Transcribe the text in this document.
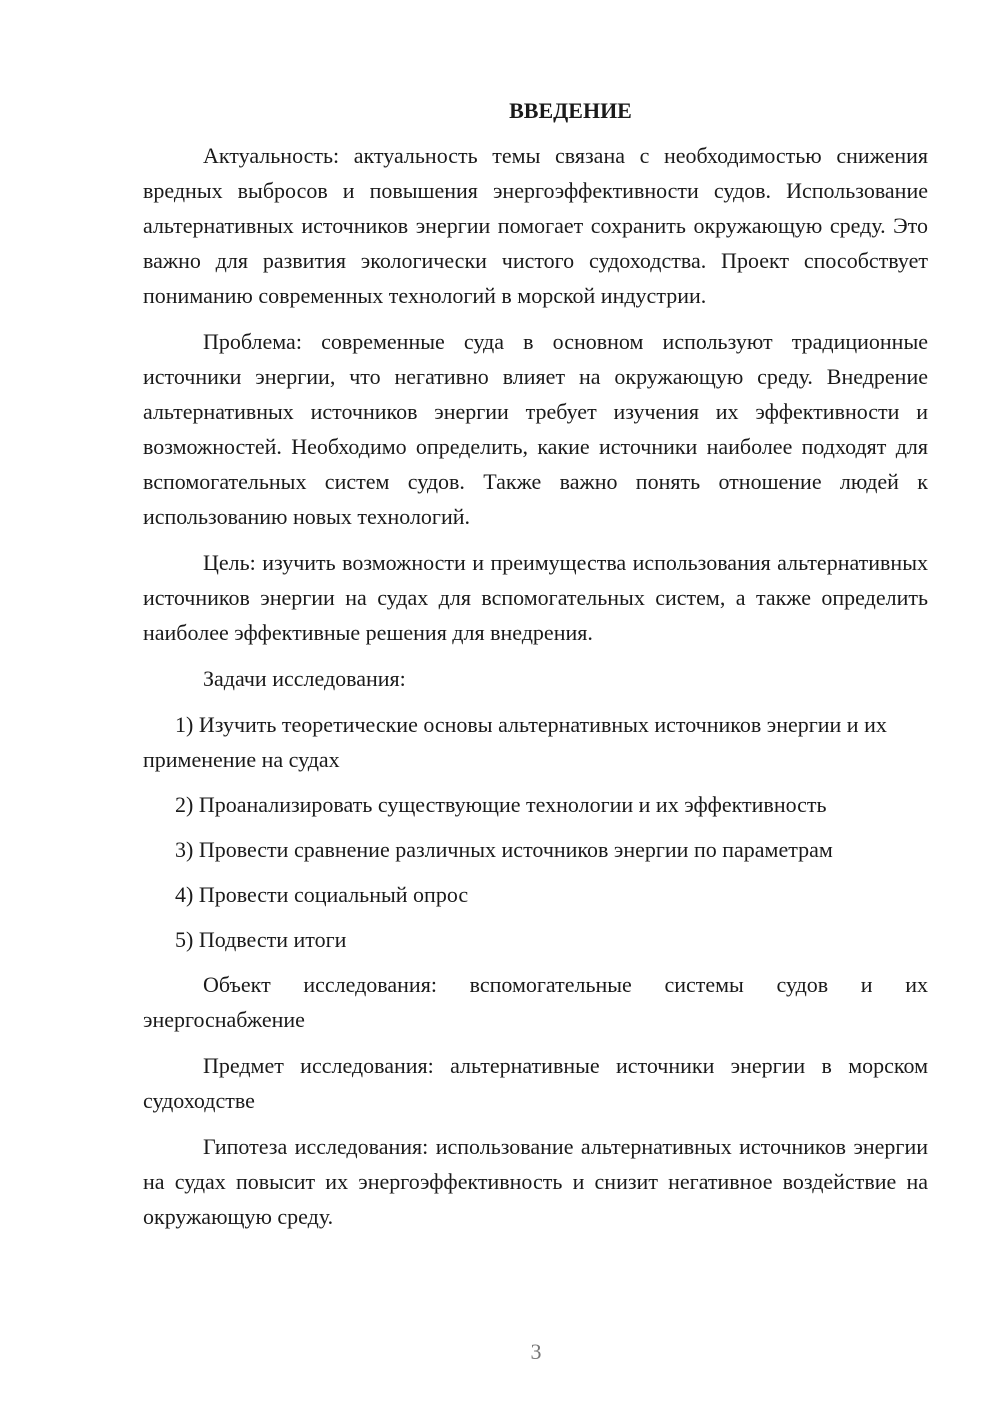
ВВЕДЕНИЕ

Актуальность: актуальность темы связана с необходимостью снижения вредных выбросов и повышения энергоэффективности судов. Использование альтернативных источников энергии помогает сохранить окружающую среду. Это важно для развития экологически чистого судоходства. Проект способствует пониманию современных технологий в морской индустрии.

Проблема: современные суда в основном используют традиционные источники энергии, что негативно влияет на окружающую среду. Внедрение альтернативных источников энергии требует изучения их эффективности и возможностей. Необходимо определить, какие источники наиболее подходят для вспомогательных систем судов. Также важно понять отношение людей к использованию новых технологий.

Цель: изучить возможности и преимущества использования альтернативных источников энергии на судах для вспомогательных систем, а также определить наиболее эффективные решения для внедрения.

Задачи исследования:

1) Изучить теоретические основы альтернативных источников энергии и их применение на судах

2) Проанализировать существующие технологии и их эффективность

3) Провести сравнение различных источников энергии по параметрам

4) Провести социальный опрос

5) Подвести итоги

Объект исследования: вспомогательные системы судов и их энергоснабжение

Предмет исследования: альтернативные источники энергии в морском судоходстве

Гипотеза исследования: использование альтернативных источников энергии на судах повысит их энергоэффективность и снизит негативное воздействие на окружающую среду.

3
